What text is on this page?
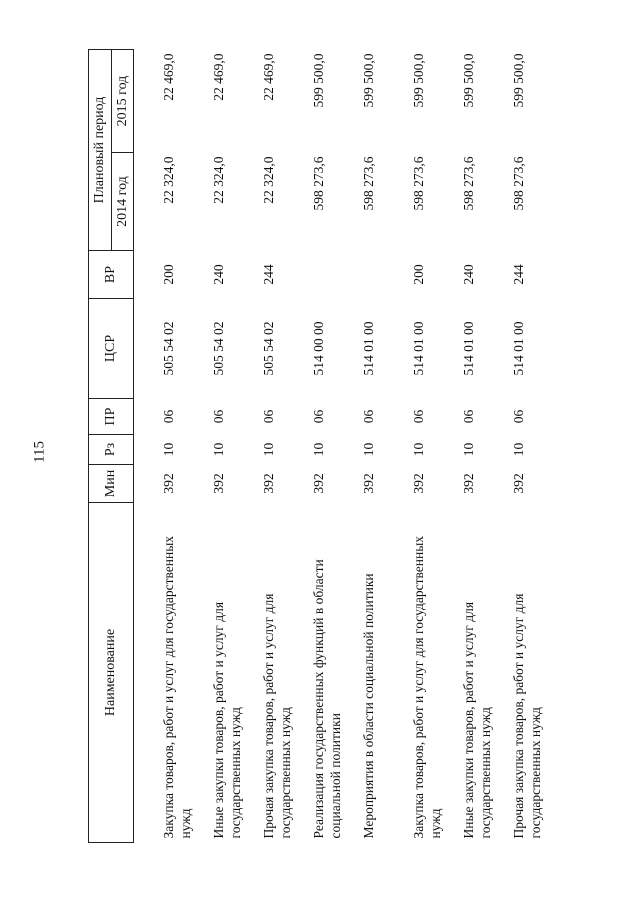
115
Наименование	Мин	Рз	ПР	ЦСР	ВР	Плановый период	
						2014 год	2015 год

Закупка товаров, работ и услуг для государственных нужд	392	10	06	505 54 02	200	22 324,0	22 469,0
Иные закупки товаров, работ и услуг для государственных нужд	392	10	06	505 54 02	240	22 324,0	22 469,0
Прочая закупка товаров, работ и услуг для государственных нужд	392	10	06	505 54 02	244	22 324,0	22 469,0
Реализация государственных функций в области социальной политики	392	10	06	514 00 00		598 273,6	599 500,0
Мероприятия в области социальной политики	392	10	06	514 01 00		598 273,6	599 500,0
Закупка товаров, работ и услуг для государственных нужд	392	10	06	514 01 00	200	598 273,6	599 500,0
Иные закупки товаров, работ и услуг для государственных нужд	392	10	06	514 01 00	240	598 273,6	599 500,0
Прочая закупка товаров, работ и услуг для государственных нужд	392	10	06	514 01 00	244	598 273,6	599 500,0
